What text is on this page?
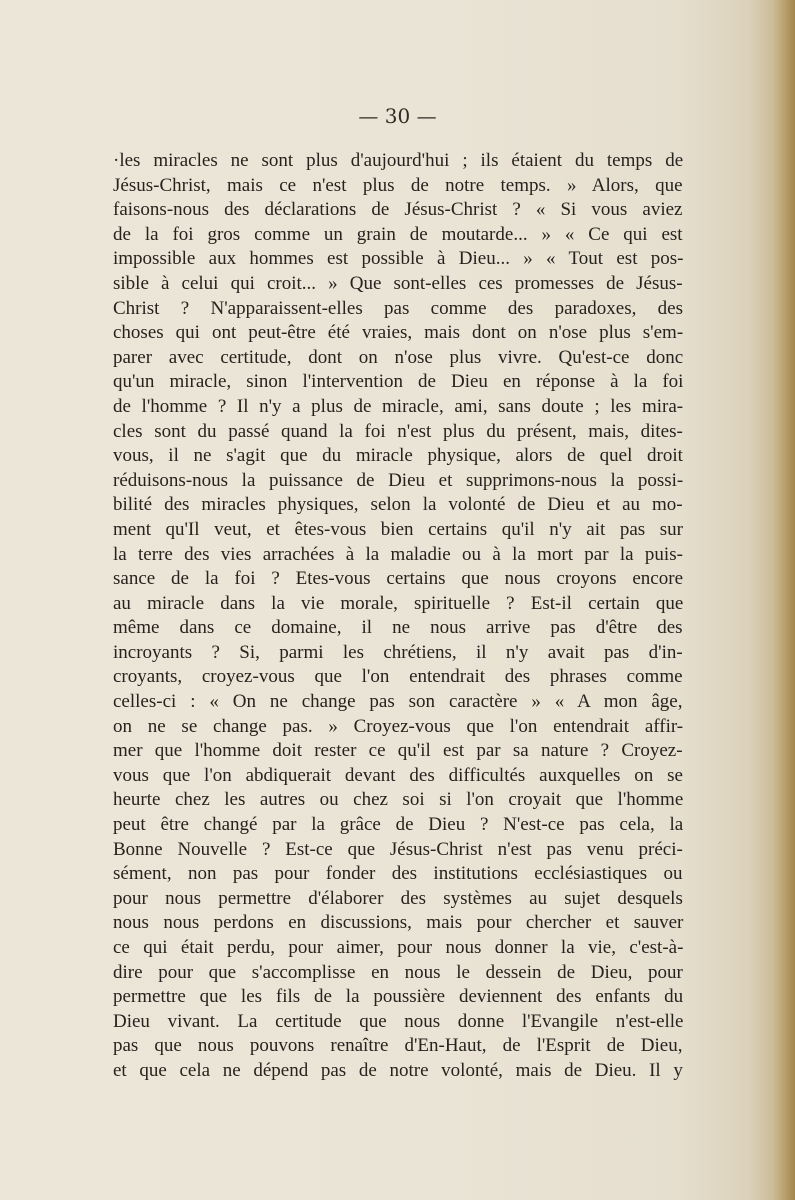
— 30 —
·les miracles ne sont plus d'aujourd'hui ; ils étaient du temps de
Jésus-Christ, mais ce n'est plus de notre temps. » Alors, que
faisons-nous des déclarations de Jésus-Christ ? « Si vous aviez
de la foi gros comme un grain de moutarde... » « Ce qui est
impossible aux hommes est possible à Dieu... » « Tout est pos-
sible à celui qui croit... » Que sont-elles ces promesses de Jésus-
Christ ? N'apparaissent-elles pas comme des paradoxes, des
choses qui ont peut-être été vraies, mais dont on n'ose plus s'em-
parer avec certitude, dont on n'ose plus vivre. Qu'est-ce donc
qu'un miracle, sinon l'intervention de Dieu en réponse à la foi
de l'homme ? Il n'y a plus de miracle, ami, sans doute ; les mira-
cles sont du passé quand la foi n'est plus du présent, mais, dites-
vous, il ne s'agit que du miracle physique, alors de quel droit
réduisons-nous la puissance de Dieu et supprimons-nous la possi-
bilité des miracles physiques, selon la volonté de Dieu et au mo-
ment qu'Il veut, et êtes-vous bien certains qu'il n'y ait pas sur
la terre des vies arrachées à la maladie ou à la mort par la puis-
sance de la foi ? Etes-vous certains que nous croyons encore
au miracle dans la vie morale, spirituelle ? Est-il certain que
même dans ce domaine, il ne nous arrive pas d'être des
incroyants ? Si, parmi les chrétiens, il n'y avait pas d'in-
croyants, croyez-vous que l'on entendrait des phrases comme
celles-ci : « On ne change pas son caractère » « A mon âge,
on ne se change pas. » Croyez-vous que l'on entendrait affir-
mer que l'homme doit rester ce qu'il est par sa nature ? Croyez-
vous que l'on abdiquerait devant des difficultés auxquelles on se
heurte chez les autres ou chez soi si l'on croyait que l'homme
peut être changé par la grâce de Dieu ? N'est-ce pas cela, la
Bonne Nouvelle ? Est-ce que Jésus-Christ n'est pas venu préci-
sément, non pas pour fonder des institutions ecclésiastiques ou
pour nous permettre d'élaborer des systèmes au sujet desquels
nous nous perdons en discussions, mais pour chercher et sauver
ce qui était perdu, pour aimer, pour nous donner la vie, c'est-à-
dire pour que s'accomplisse en nous le dessein de Dieu, pour
permettre que les fils de la poussière deviennent des enfants du
Dieu vivant. La certitude que nous donne l'Evangile n'est-elle
pas que nous pouvons renaître d'En-Haut, de l'Esprit de Dieu,
et que cela ne dépend pas de notre volonté, mais de Dieu. Il y
